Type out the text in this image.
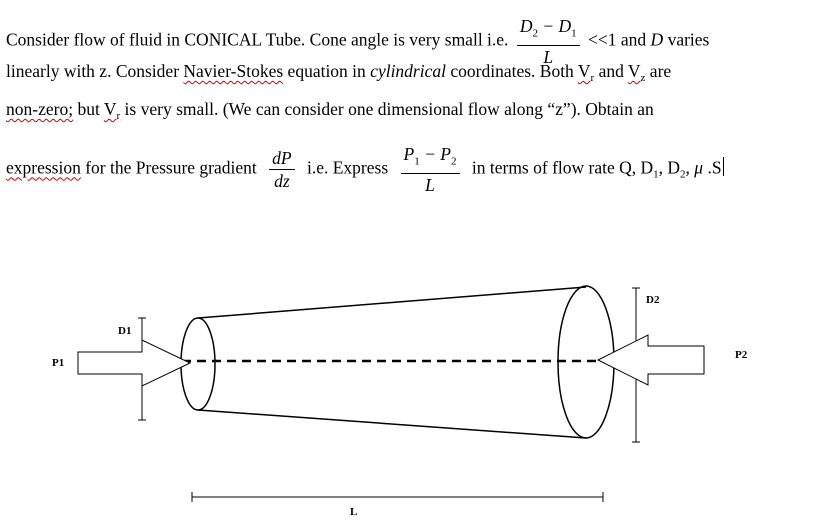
Consider flow of fluid in CONICAL Tube. Cone angle is very small i.e. $\frac{D_2 - D_1}{L} <<1$ and D varies
linearly with z. Consider Navier-Stokes equation in cylindrical coordinates. Both $V_r$ and $V_z$ are
non-zero; but $V_r$ is very small. (We can consider one dimensional flow along “z”). Obtain an
expression for the Pressure gradient $\frac{dP}{dz} i.e$. Express $\frac{P_1 - P_2}{L}$ in terms of flow rate Q, $D_1$, $D_2$, μ .S
D1
D2
P1
P2
L
